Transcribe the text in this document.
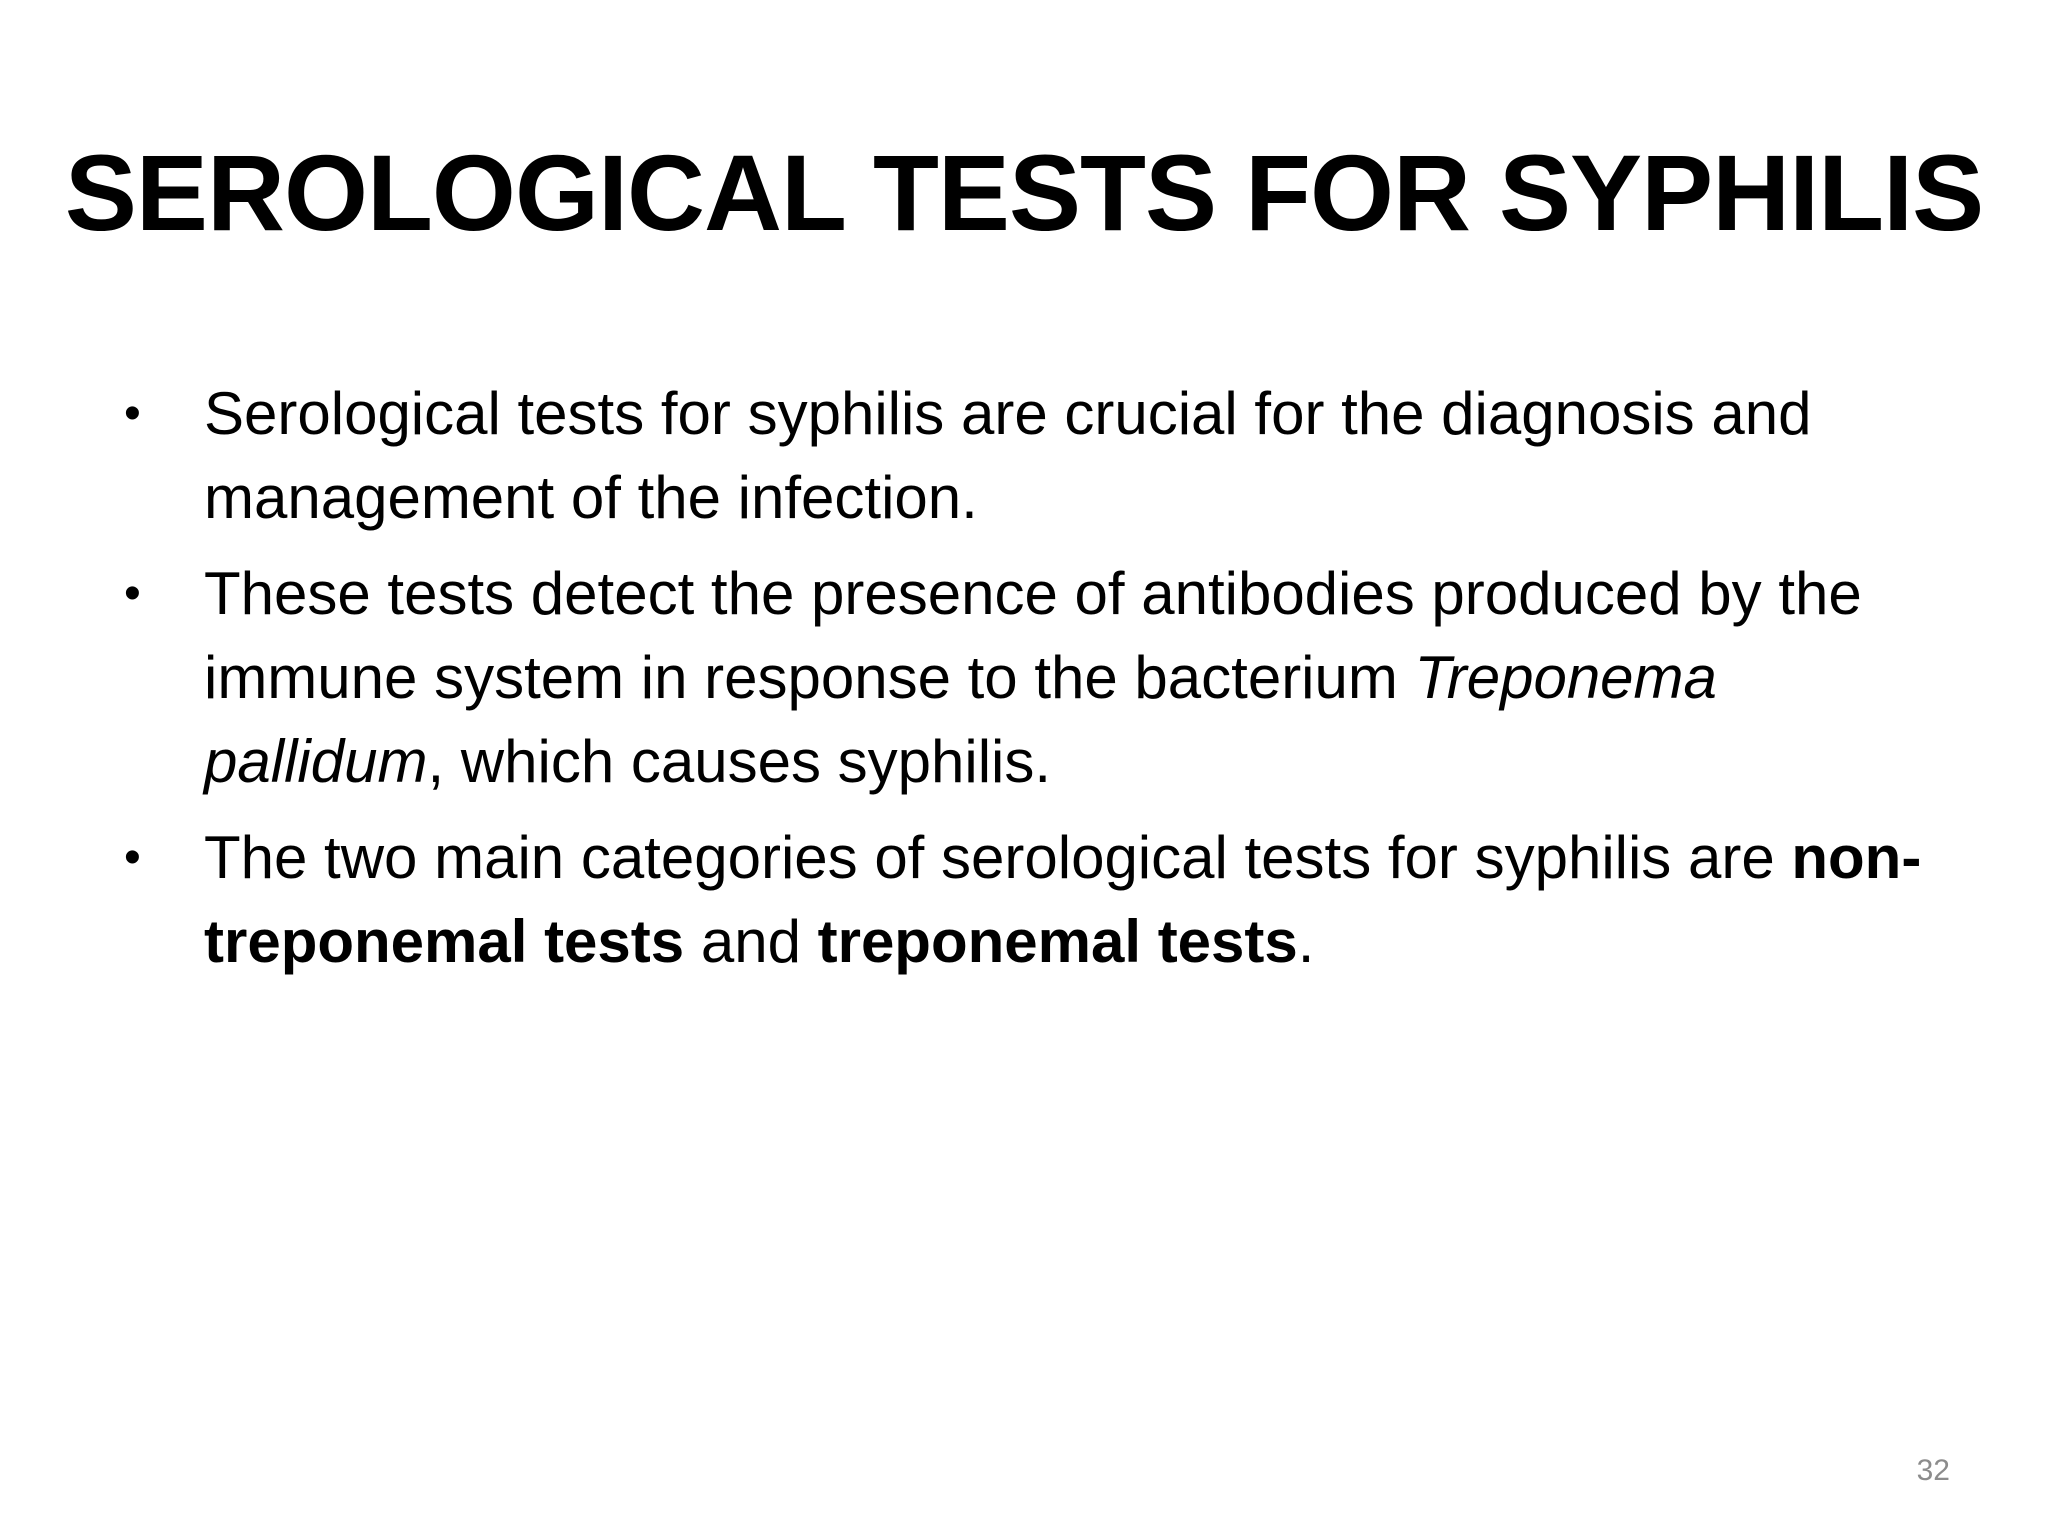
SEROLOGICAL TESTS FOR SYPHILIS
•	Serological tests for syphilis are crucial for the diagnosis and management of the infection.
•	These tests detect the presence of antibodies produced by the immune system in response to the bacterium Treponema pallidum, which causes syphilis.
•	The two main categories of serological tests for syphilis are non-treponemal tests and treponemal tests.
32
